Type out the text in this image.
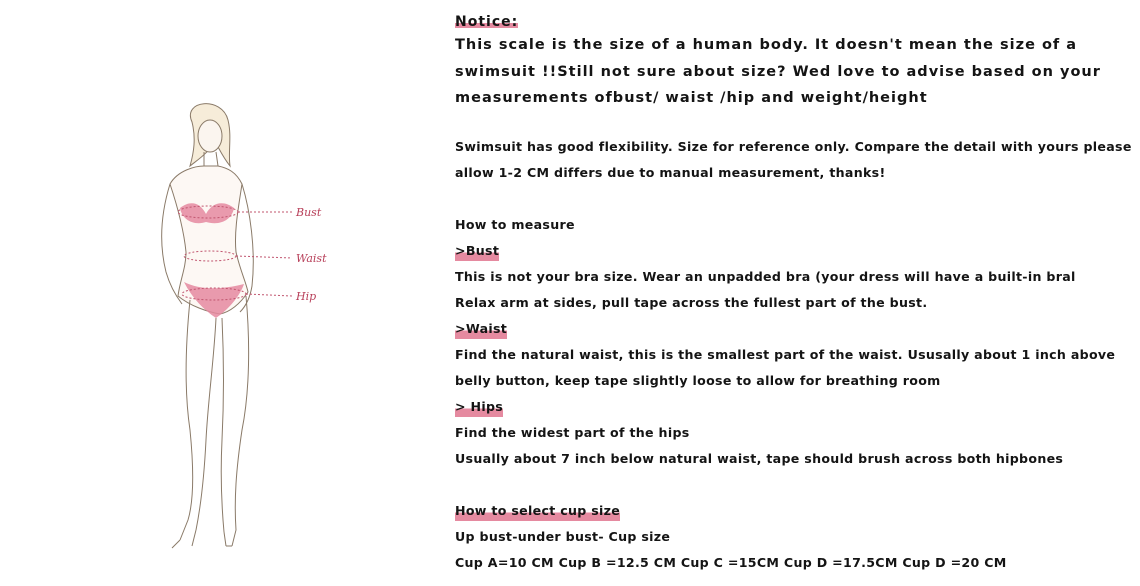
Bust
Waist
Hip
Notice:

This scale is the size of a human body. It doesn't mean the size of a
swimsuit !!Still not sure about size? Wed love to advise based on your
measurements ofbust/ waist /hip and weight/height

Swimsuit has good flexibility. Size for reference only. Compare the detail with yours please
allow 1-2 CM differs due to manual measurement, thanks!

How to measure
>Bust

This is not your bra size. Wear an unpadded bra (your dress will have a built-in bral
Relax arm at sides, pull tape across the fullest part of the bust.

>Waist

Find the natural waist, this is the smallest part of the waist. Ususally about 1 inch above
belly button, keep tape slightly loose to allow for breathing room

> Hips

Find the widest part of the hips
Usually about 7 inch below natural waist, tape should brush across both hipbones

How to select cup size

Up bust-under bust- Cup size

Cup A=10 CM Cup B =12.5 CM Cup C =15CM Cup D =17.5CM Cup D =20 CM
